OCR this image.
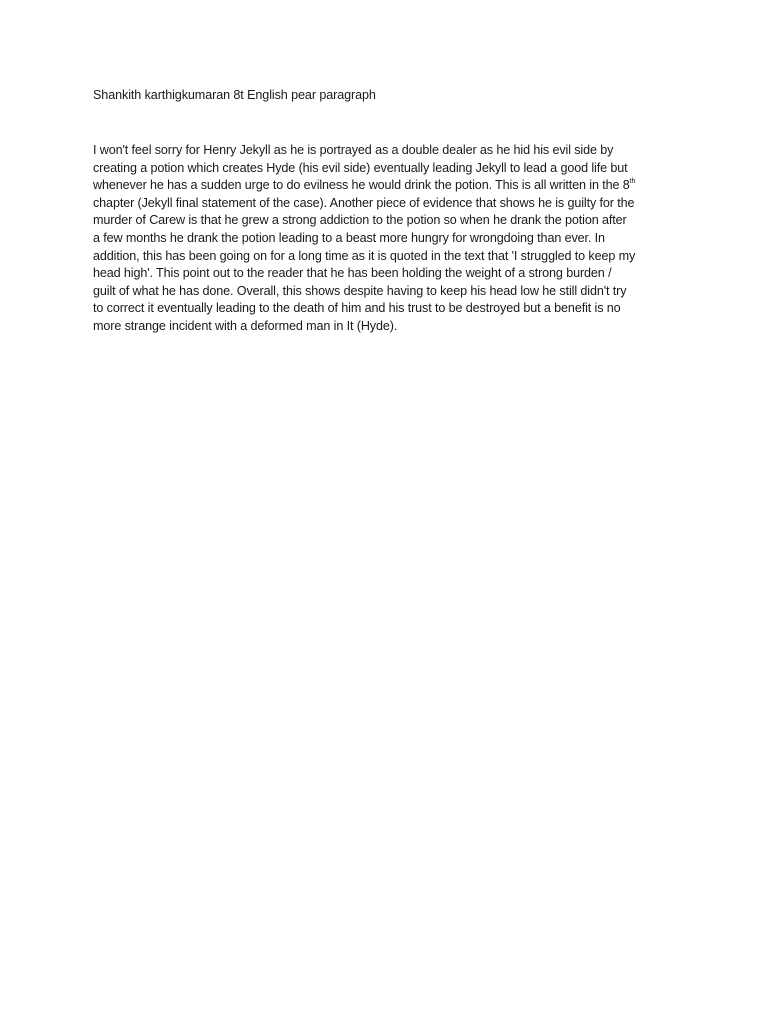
Shankith karthigkumaran 8t English pear paragraph
I won't feel sorry for Henry Jekyll as he is portrayed as a double dealer as he hid his evil side by
creating a potion which creates Hyde (his evil side) eventually leading Jekyll to lead a good life but
whenever he has a sudden urge to do evilness he would drink the potion. This is all written in the 8th
chapter (Jekyll final statement of the case). Another piece of evidence that shows he is guilty for the
murder of Carew is that he grew a strong addiction to the potion so when he drank the potion after
a few months he drank the potion leading to a beast more hungry for wrongdoing than ever. In
addition, this has been going on for a long time as it is quoted in the text that 'I struggled to keep my
head high'. This point out to the reader that he has been holding the weight of a strong burden /
guilt of what he has done. Overall, this shows despite having to keep his head low he still didn't try
to correct it eventually leading to the death of him and his trust to be destroyed but a benefit is no
more strange incident with a deformed man in It (Hyde).
